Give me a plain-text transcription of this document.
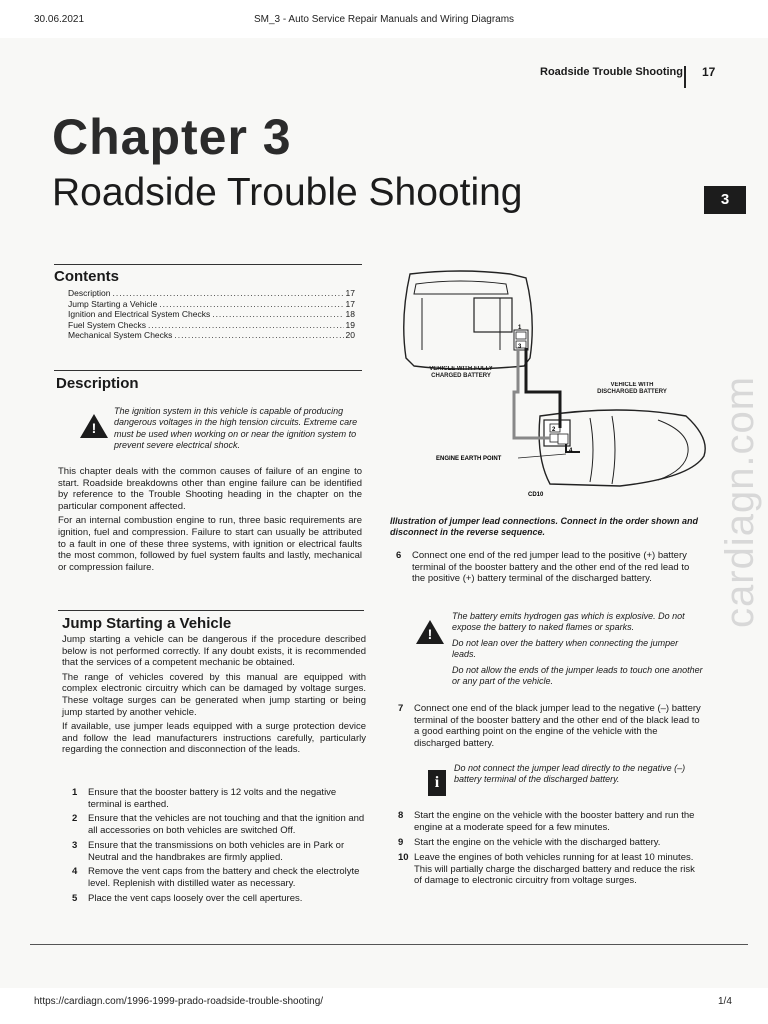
30.06.2021	SM_3 - Auto Service Repair Manuals and Wiring Diagrams
Roadside Trouble Shooting 17
Chapter 3
Roadside Trouble Shooting	3
cardiagn.com
Contents
Description .....	17
Jump Starting a Vehicle .....	17
Ignition and Electrical System Checks .....	18
Fuel System Checks .....	19
Mechanical System Checks .....	20
Description
!

The ignition system in this vehicle is capable of producing dangerous voltages in the high tension circuits. Extreme care must be used when working on or near the ignition system to prevent severe electrical shock.

This chapter deals with the common causes of failure of an engine to start. Roadside breakdowns other than engine failure can be identified by reference to the Trouble Shooting heading in the chapter on the particular component affected.

For an internal combustion engine to run, three basic requirements are ignition, fuel and compression. Failure to start can usually be attributed to a fault in one of these three systems, with ignition or electrical faults the most common, followed by fuel system faults and lastly, mechanical or compression failure.

Jump Starting a Vehicle

Jump starting a vehicle can be dangerous if the procedure described below is not performed correctly. If any doubt exists, it is recommended that the services of a competent mechanic be obtained.

The range of vehicles covered by this manual are equipped with complex electronic circuitry which can be damaged by voltage surges. These voltage surges can be generated when jump starting or being jump started by another vehicle.

If available, use jumper leads equipped with a surge protection device and follow the lead manufacturers instructions carefully, particularly regarding the connection and disconnection of the leads.

1 Ensure that the booster battery is 12 volts and the negative terminal is earthed.
2 Ensure that the vehicles are not touching and that the ignition and all accessories on both vehicles are switched Off.
3 Ensure that the transmissions on both vehicles are in Park or Neutral and the handbrakes are firmly applied.
4 Remove the vent caps from the battery and check the electrolyte level. Replenish with distilled water as necessary.
5 Place the vent caps loosely over the cell apertures.
1
2
3
4
VEHICLE WITH FULLY CHARGED BATTERY
VEHICLE WITH DISCHARGED BATTERY
ENGINE EARTH POINT
CD10
Illustration of jumper lead connections. Connect in the order shown and disconnect in the reverse sequence.
6 Connect one end of the red jumper lead to the positive (+) battery terminal of the booster battery and the other end of the red lead to the positive (+) battery terminal of the discharged battery.
!

The battery emits hydrogen gas which is explosive. Do not expose the battery to naked flames or sparks.

Do not lean over the battery when connecting the jumper leads.

Do not allow the ends of the jumper leads to touch one another or any part of the vehicle.

7 Connect one end of the black jumper lead to the negative (–) battery terminal of the booster battery and the other end of the black lead to a good earthing point on the engine of the vehicle with the discharged battery.
i

Do not connect the jumper lead directly to the negative (–) battery terminal of the discharged battery.

8 Start the engine on the vehicle with the booster battery and run the engine at a moderate speed for a few minutes.
9 Start the engine on the vehicle with the discharged battery.
10 Leave the engines of both vehicles running for at least 10 minutes. This will partially charge the discharged battery and reduce the risk of damage to electronic circuitry from voltage surges.
https://cardiagn.com/1996-1999-prado-roadside-trouble-shooting/	1/4
